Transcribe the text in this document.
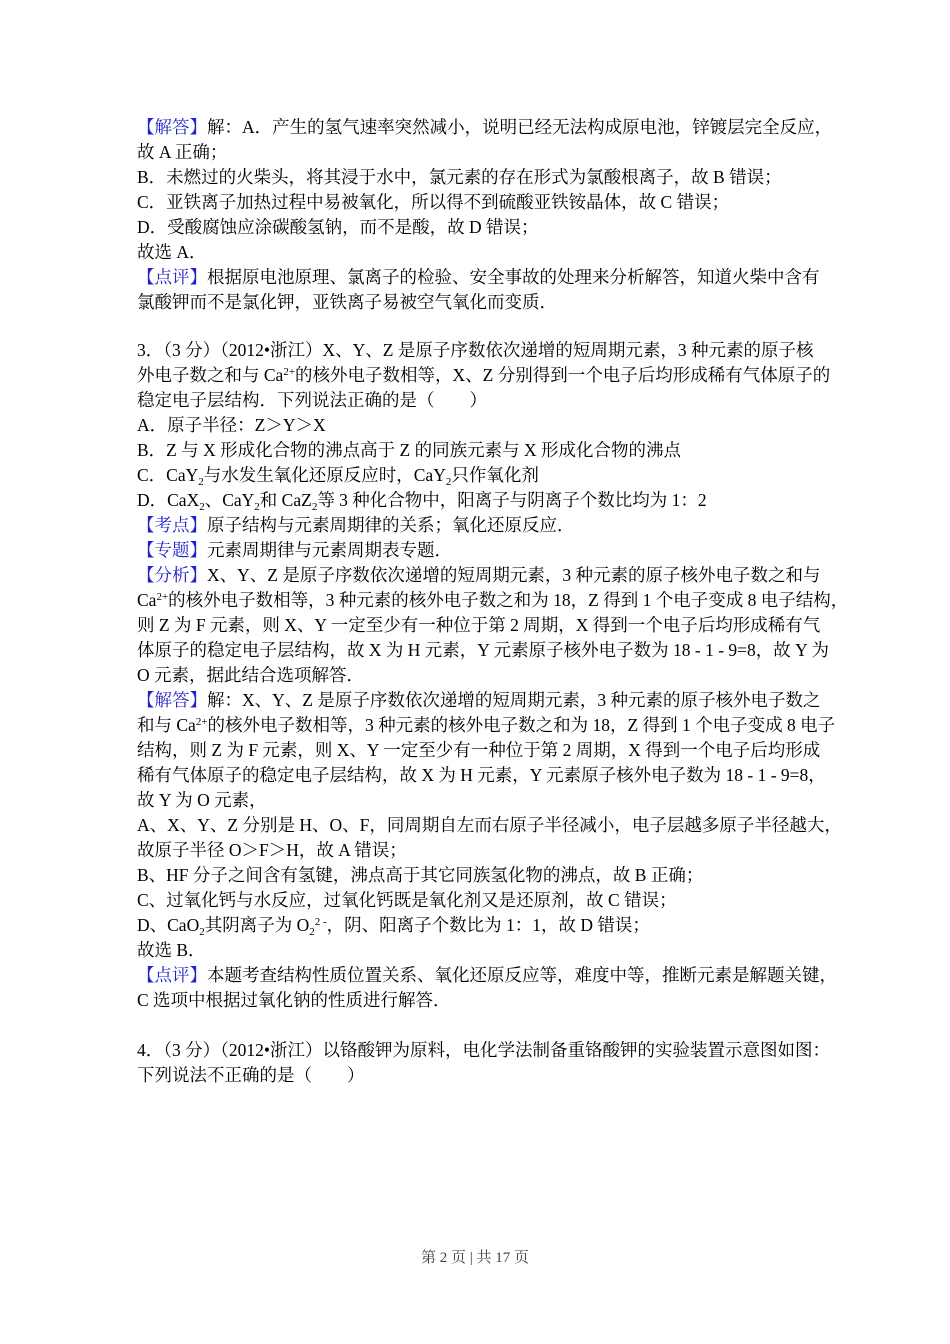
【解答】解：A．产生的氢气速率突然减小，说明已经无法构成原电池，锌镀层完全反应，
故 A 正确；
B．未燃过的火柴头，将其浸于水中，氯元素的存在形式为氯酸根离子，故 B 错误；
C．亚铁离子加热过程中易被氧化，所以得不到硫酸亚铁铵晶体，故 C 错误；
D．受酸腐蚀应涂碳酸氢钠，而不是酸，故 D 错误；
故选 A．
【点评】根据原电池原理、氯离子的检验、安全事故的处理来分析解答，知道火柴中含有
氯酸钾而不是氯化钾，亚铁离子易被空气氧化而变质．
3．（3 分）（2012•浙江）X、Y、Z 是原子序数依次递增的短周期元素，3 种元素的原子核
外电子数之和与 $Ca^{2+}$的核外电子数相等，X、Z 分别得到一个电子后均形成稀有气体原子的
稳定电子层结构．下列说法正确的是（　　）
A．原子半径：Z＞Y＞X
B．Z 与 X 形成化合物的沸点高于 Z 的同族元素与 X 形成化合物的沸点
C．CaY$_2$与水发生氧化还原反应时，CaY$_2$只作氧化剂
D．CaX$_2$、CaY$_2$和 CaZ$_2$等 3 种化合物中，阳离子与阴离子个数比均为 1：2
【考点】原子结构与元素周期律的关系；氧化还原反应．
【专题】元素周期律与元素周期表专题．
【分析】X、Y、Z 是原子序数依次递增的短周期元素，3 种元素的原子核外电子数之和与
$Ca^{2+}$的核外电子数相等，3 种元素的核外电子数之和为 18，Z 得到 1 个电子变成 8 电子结构，
则 Z 为 F 元素，则 X、Y 一定至少有一种位于第 2 周期，X 得到一个电子后均形成稀有气
体原子的稳定电子层结构，故 X 为 H 元素，Y 元素原子核外电子数为 18 - 1 - 9=8，故 Y 为
O 元素，据此结合选项解答．
【解答】解：X、Y、Z 是原子序数依次递增的短周期元素，3 种元素的原子核外电子数之
和与 $Ca^{2+}$的核外电子数相等，3 种元素的核外电子数之和为 18，Z 得到 1 个电子变成 8 电子
结构，则 Z 为 F 元素，则 X、Y 一定至少有一种位于第 2 周期，X 得到一个电子后均形成
稀有气体原子的稳定电子层结构，故 X 为 H 元素，Y 元素原子核外电子数为 18 - 1 - 9=8，
故 Y 为 O 元素，
A、X、Y、Z 分别是 H、O、F，同周期自左而右原子半径减小，电子层越多原子半径越大，
故原子半径 O＞F＞H，故 A 错误；
B、HF 分子之间含有氢键，沸点高于其它同族氢化物的沸点，故 B 正确；
C、过氧化钙与水反应，过氧化钙既是氧化剂又是还原剂，故 C 错误；
D、CaO$_2$其阴离子为 $O_2^{2 -}$，阴、阳离子个数比为 1：1，故 D 错误；
故选 B．
【点评】本题考查结构性质位置关系、氧化还原反应等，难度中等，推断元素是解题关键，
C 选项中根据过氧化钠的性质进行解答．
4．（3 分）（2012•浙江）以铬酸钾为原料，电化学法制备重铬酸钾的实验装置示意图如图：
下列说法不正确的是（　　）
第 2 页 | 共 17 页
